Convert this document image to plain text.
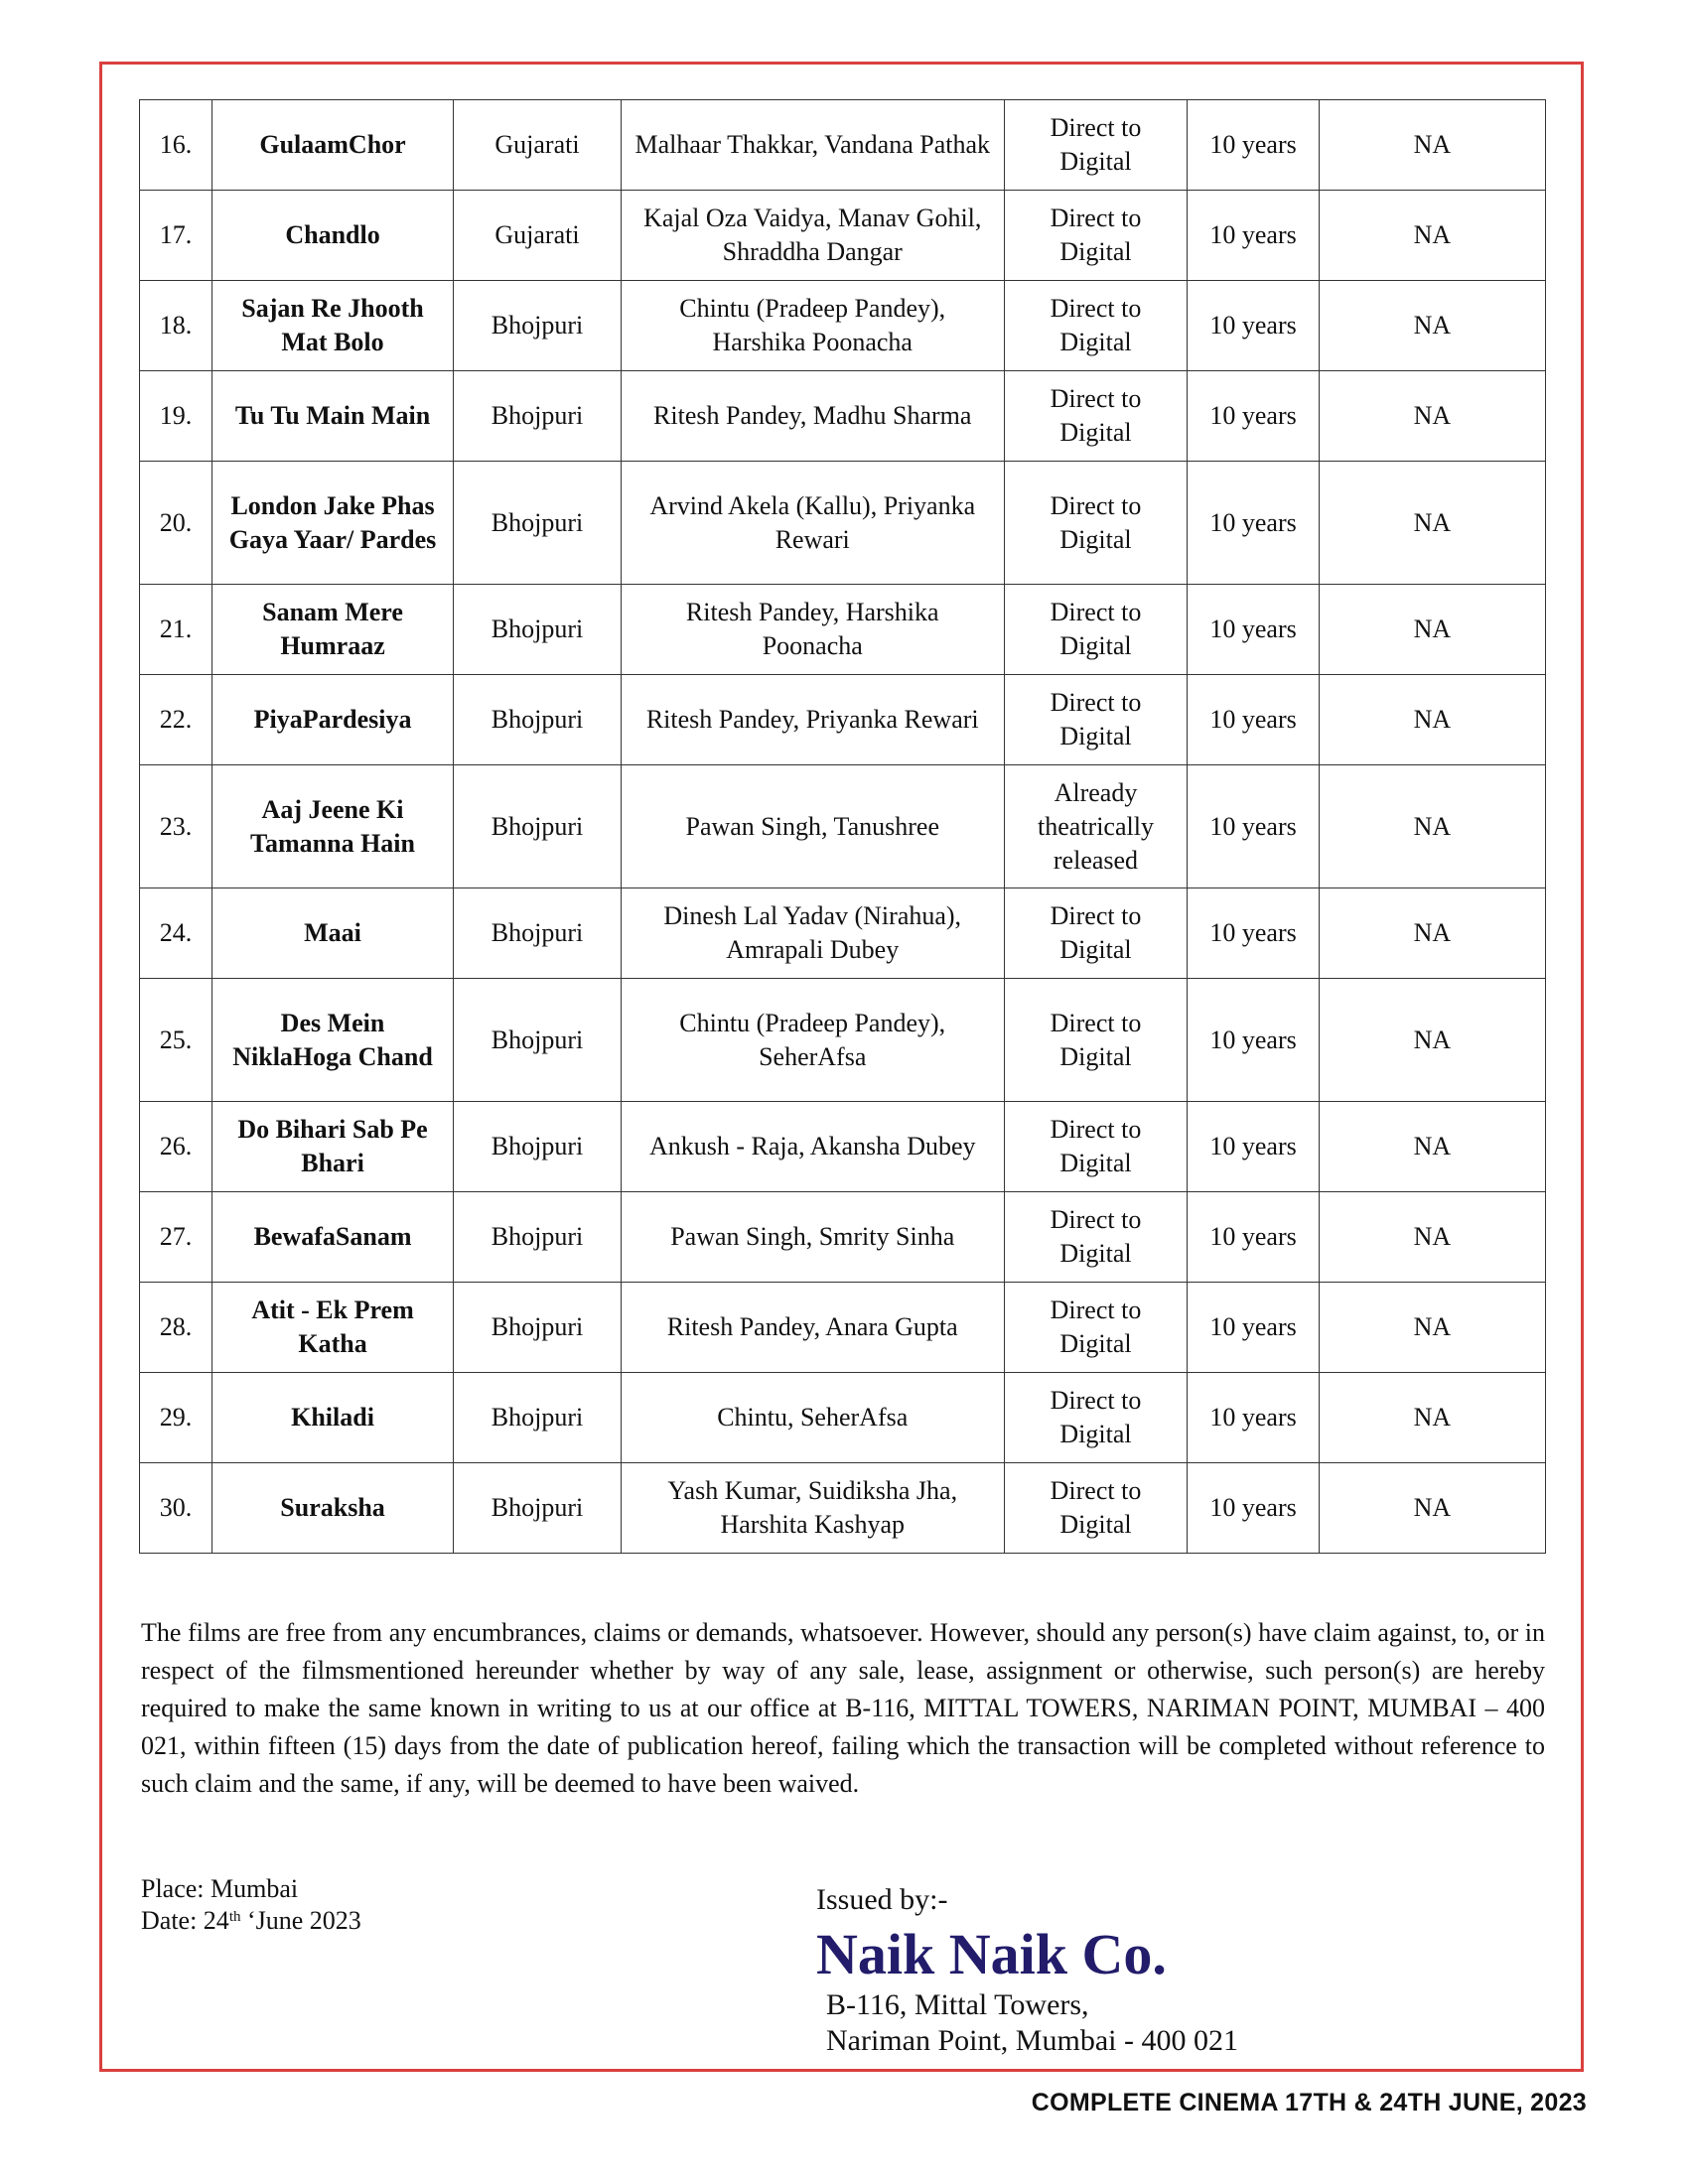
16.	GulaamChor	Gujarati	Malhaar Thakkar, Vandana Pathak	Direct to Digital	10 years	NA
17.	Chandlo	Gujarati	Kajal Oza Vaidya, Manav Gohil, Shraddha Dangar	Direct to Digital	10 years	NA
18.	Sajan Re Jhooth Mat Bolo	Bhojpuri	Chintu (Pradeep Pandey), Harshika Poonacha	Direct to Digital	10 years	NA
19.	Tu Tu Main Main	Bhojpuri	Ritesh Pandey, Madhu Sharma	Direct to Digital	10 years	NA
20.	London Jake Phas Gaya Yaar/ Pardes	Bhojpuri	Arvind Akela (Kallu), Priyanka Rewari	Direct to Digital	10 years	NA
21.	Sanam Mere Humraaz	Bhojpuri	Ritesh Pandey, Harshika Poonacha	Direct to Digital	10 years	NA
22.	PiyaPardesiya	Bhojpuri	Ritesh Pandey, Priyanka Rewari	Direct to Digital	10 years	NA
23.	Aaj Jeene Ki Tamanna Hain	Bhojpuri	Pawan Singh, Tanushree	Already theatrically released	10 years	NA
24.	Maai	Bhojpuri	Dinesh Lal Yadav (Nirahua), Amrapali Dubey	Direct to Digital	10 years	NA
25.	Des Mein NiklaHoga Chand	Bhojpuri	Chintu (Pradeep Pandey), SeherAfsa	Direct to Digital	10 years	NA
26.	Do Bihari Sab Pe Bhari	Bhojpuri	Ankush - Raja, Akansha Dubey	Direct to Digital	10 years	NA
27.	BewafaSanam	Bhojpuri	Pawan Singh, Smrity Sinha	Direct to Digital	10 years	NA
28.	Atit - Ek Prem Katha	Bhojpuri	Ritesh Pandey, Anara Gupta	Direct to Digital	10 years	NA
29.	Khiladi	Bhojpuri	Chintu, SeherAfsa	Direct to Digital	10 years	NA
30.	Suraksha	Bhojpuri	Yash Kumar, Suidiksha Jha, Harshita Kashyap	Direct to Digital	10 years	NA

The films are free from any encumbrances, claims or demands, whatsoever. However, should any person(s) have claim against, to, or in respect of the filmsmentioned hereunder whether by way of any sale, lease, assignment or otherwise, such person(s) are hereby required to make the same known in writing to us at our office at B-116, MITTAL TOWERS, NARIMAN POINT, MUMBAI – 400 021, within fifteen (15) days from the date of publication hereof, failing which the transaction will be completed without reference to such claim and the same, if any, will be deemed to have been waived.

Place: Mumbai
Date: 24th ‘June 2023
Issued by:-
Naik Naik Co.
B-116, Mittal Towers,
Nariman Point, Mumbai - 400 021
COMPLETE CINEMA 17TH & 24TH JUNE, 2023
